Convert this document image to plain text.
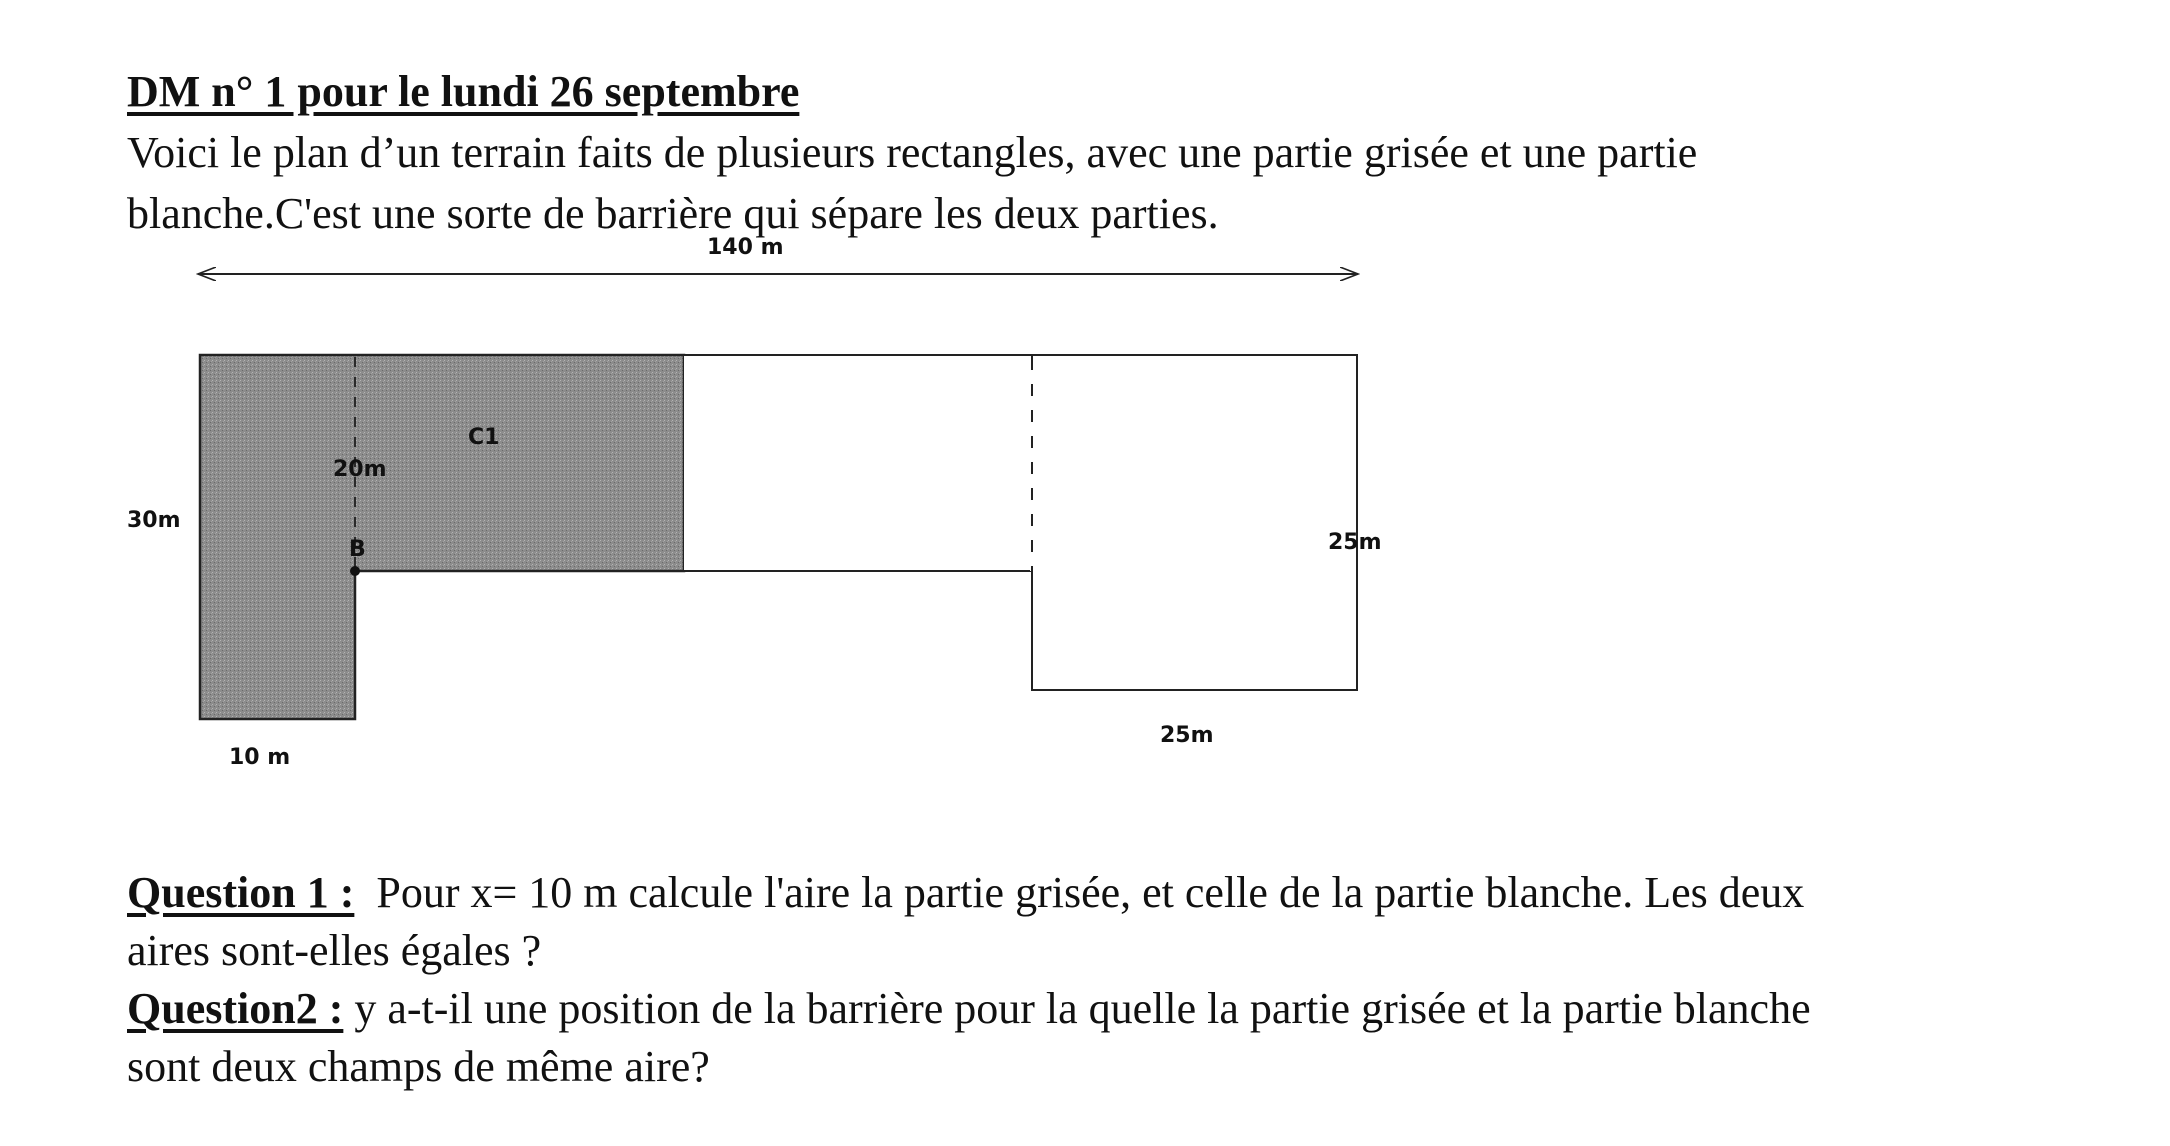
DM n° 1 pour le lundi 26 septembre
Voici le plan d’un terrain faits de plusieurs rectangles, avec une partie grisée et une partie
blanche.C'est une sorte de barrière qui sépare les deux parties.
140 m
B
20m
C1
30m
10 m
25m
25m
Question 1 : Pour x= 10 m calcule l'aire la partie grisée, et celle de la partie blanche. Les deux
aires sont-elles égales ?
Question2 : y a-t-il une position de la barrière pour la quelle la partie grisée et la partie blanche
sont deux champs de même aire?
